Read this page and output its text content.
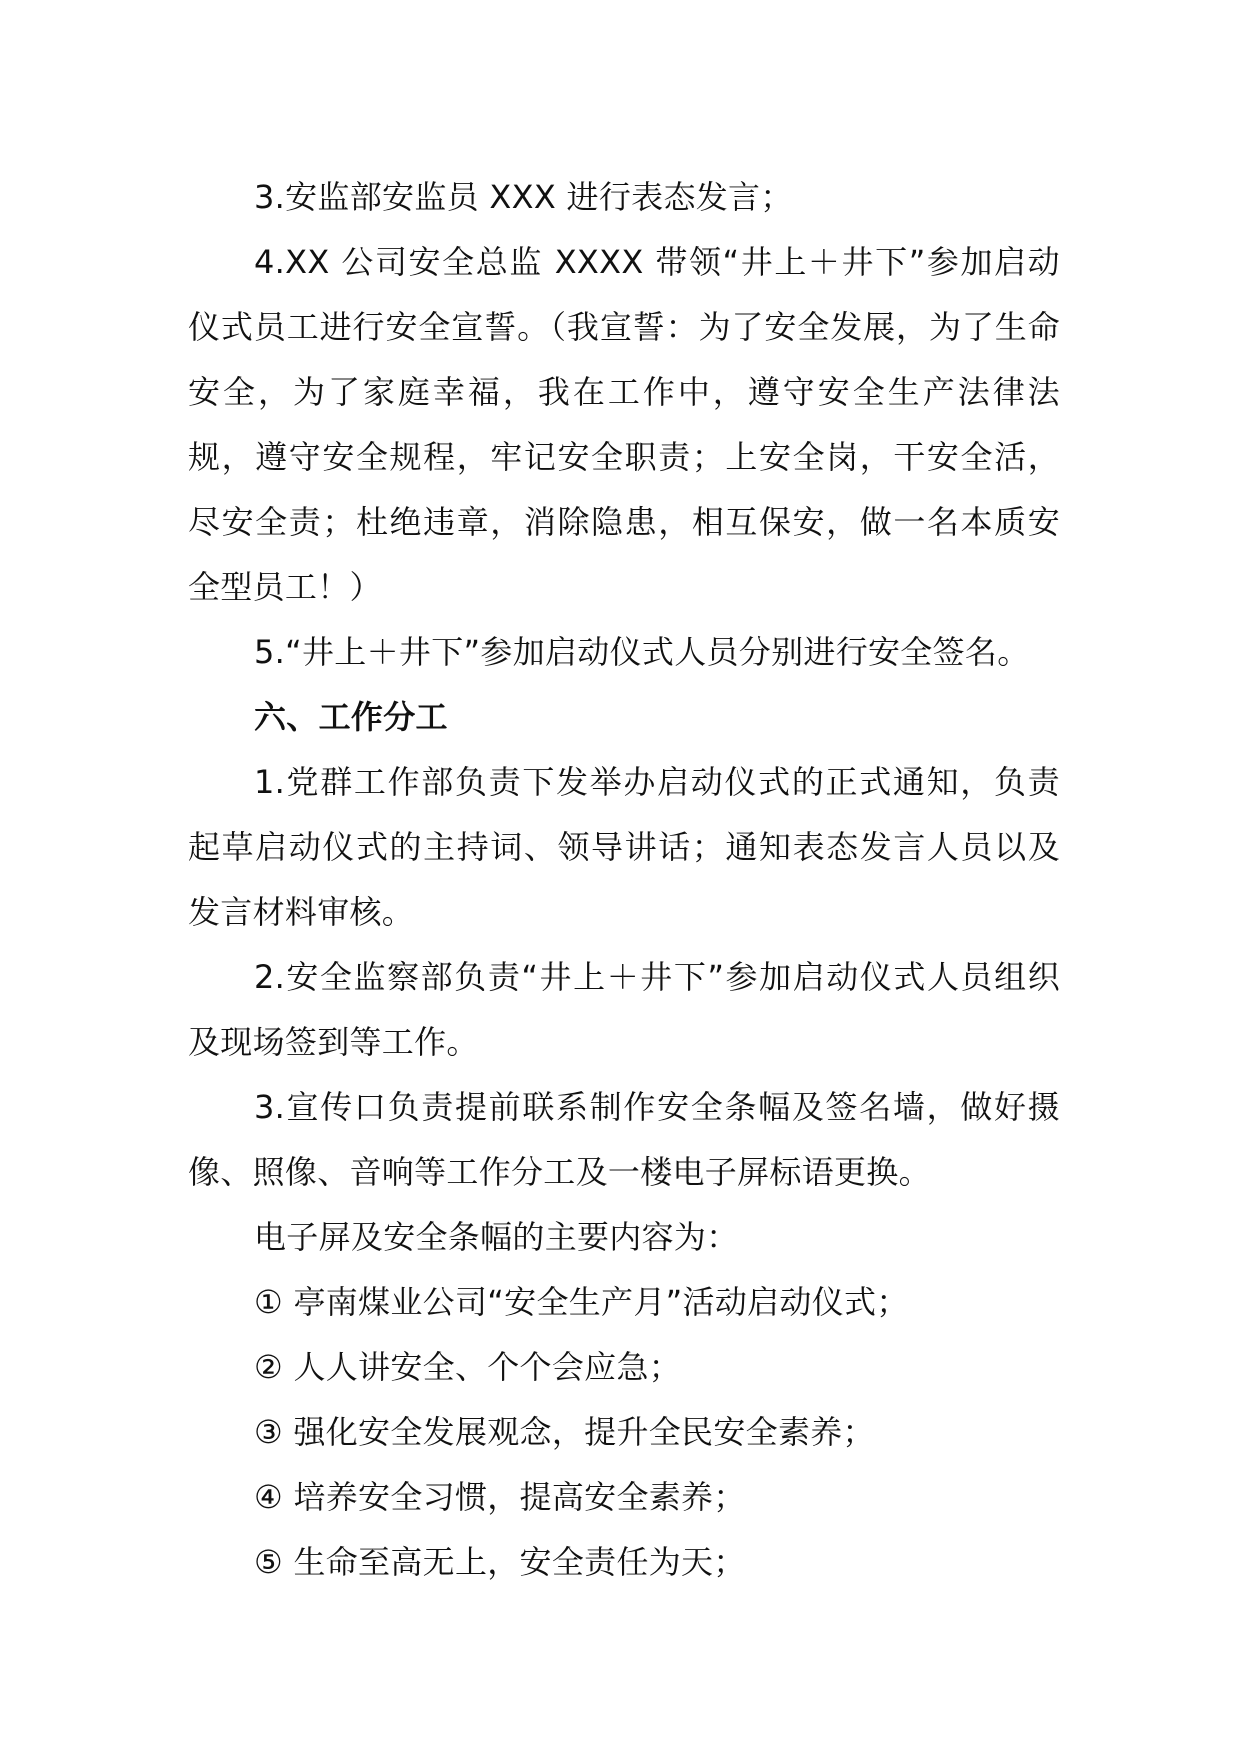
3.安监部安监员 XXX 进行表态发言；

4.XX 公司安全总监 XXXX 带领“井上＋井下”参加启动仪式员工进行安全宣誓。（我宣誓：为了安全发展，为了生命安全，为了家庭幸福，我在工作中，遵守安全生产法律法规，遵守安全规程，牢记安全职责；上安全岗，干安全活，尽安全责；杜绝违章，消除隐患，相互保安，做一名本质安全型员工！）

5.“井上＋井下”参加启动仪式人员分别进行安全签名。

六、工作分工

1.党群工作部负责下发举办启动仪式的正式通知，负责起草启动仪式的主持词、领导讲话；通知表态发言人员以及发言材料审核。

2.安全监察部负责“井上＋井下”参加启动仪式人员组织及现场签到等工作。

3.宣传口负责提前联系制作安全条幅及签名墙，做好摄像、照像、音响等工作分工及一楼电子屏标语更换。

电子屏及安全条幅的主要内容为：

① 亭南煤业公司“安全生产月”活动启动仪式；

② 人人讲安全、个个会应急；

③ 强化安全发展观念，提升全民安全素养；

④ 培养安全习惯，提高安全素养；

⑤ 生命至高无上，安全责任为天；
